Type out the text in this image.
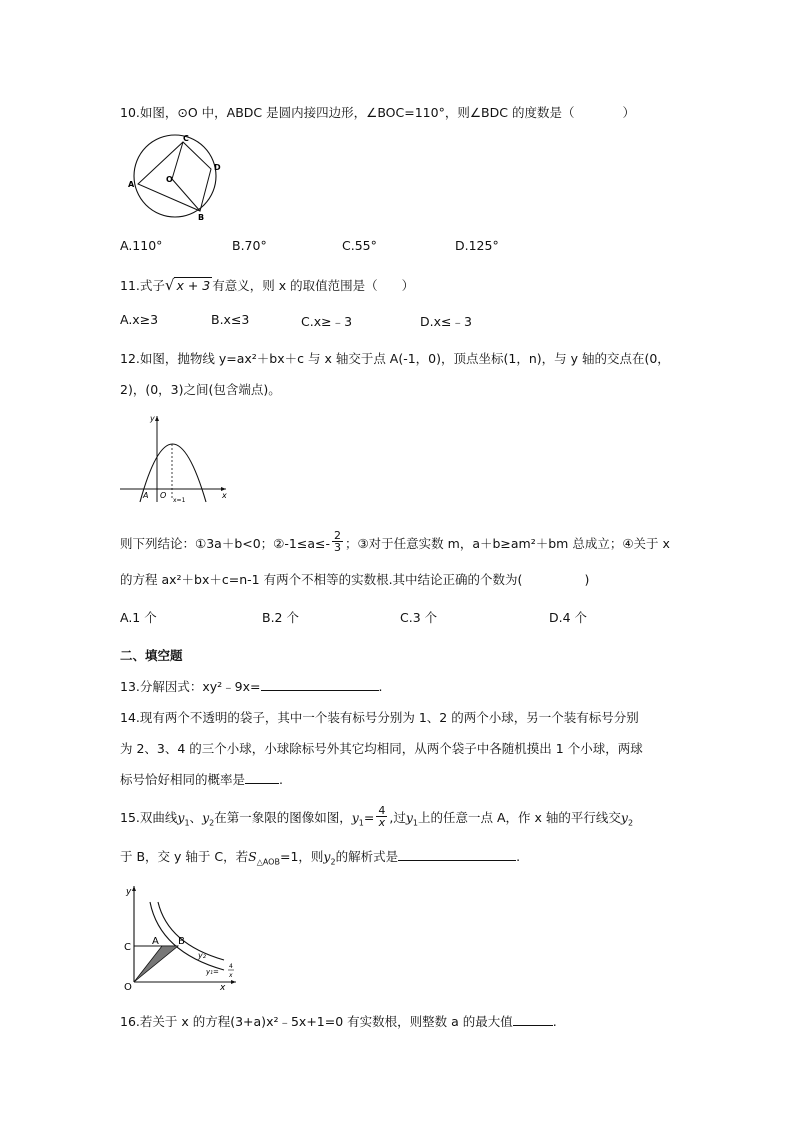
10.如图，⊙O 中，ABDC 是圆内接四边形，∠BOC=110°，则∠BDC 的度数是（	）
C
D
A
O
B
A.110°	B.70°	C.55°	D.125°
11.式子√ x + 3 有意义，则 x 的取值范围是（ ）
A.x≥3	B.x≤3	C.x≥﹣3	D.x≤﹣3
12.如图，抛物线 y=ax²＋bx＋c 与 x 轴交于点 A(-1，0)，顶点坐标(1，n)，与 y 轴的交点在(0，
2)，(0，3)之间(包含端点)。
y
x
A O
x=1
则下列结论：①3a＋b<0；②-1≤a≤- $\frac{2}{3}$ ；③对于任意实数 m，a＋b≥am²＋bm 总成立；④关于 x
的方程 ax²＋bx＋c=n-1 有两个不相等的实数根.其中结论正确的个数为(	)
A.1 个	B.2 个	C.3 个	D.4 个
二、填空题
13.分解因式：xy²﹣9x=	.
14.现有两个不透明的袋子，其中一个装有标号分别为 1、2 的两个小球，另一个装有标号分别
为 2、3、4 的三个小球，小球除标号外其它均相同，从两个袋子中各随机摸出 1 个小球，两球
标号恰好相同的概率是	.
15.双曲线$y_1$、$y_2$在第一象限的图像如图，$y_1= \frac{4}{x}$ ,过$y_1$上的任意一点 A，作 x 轴的平行线交$y_2$
于 B，交 y 轴于 C，若$S_{\triangle AOB}=1$，则$y_2$的解析式是	.
y
C
A B
O	x
y₂
y₁=
4
x
16.若关于 x 的方程(3+a)x²﹣5x+1=0 有实数根，则整数 a 的最大值	.
